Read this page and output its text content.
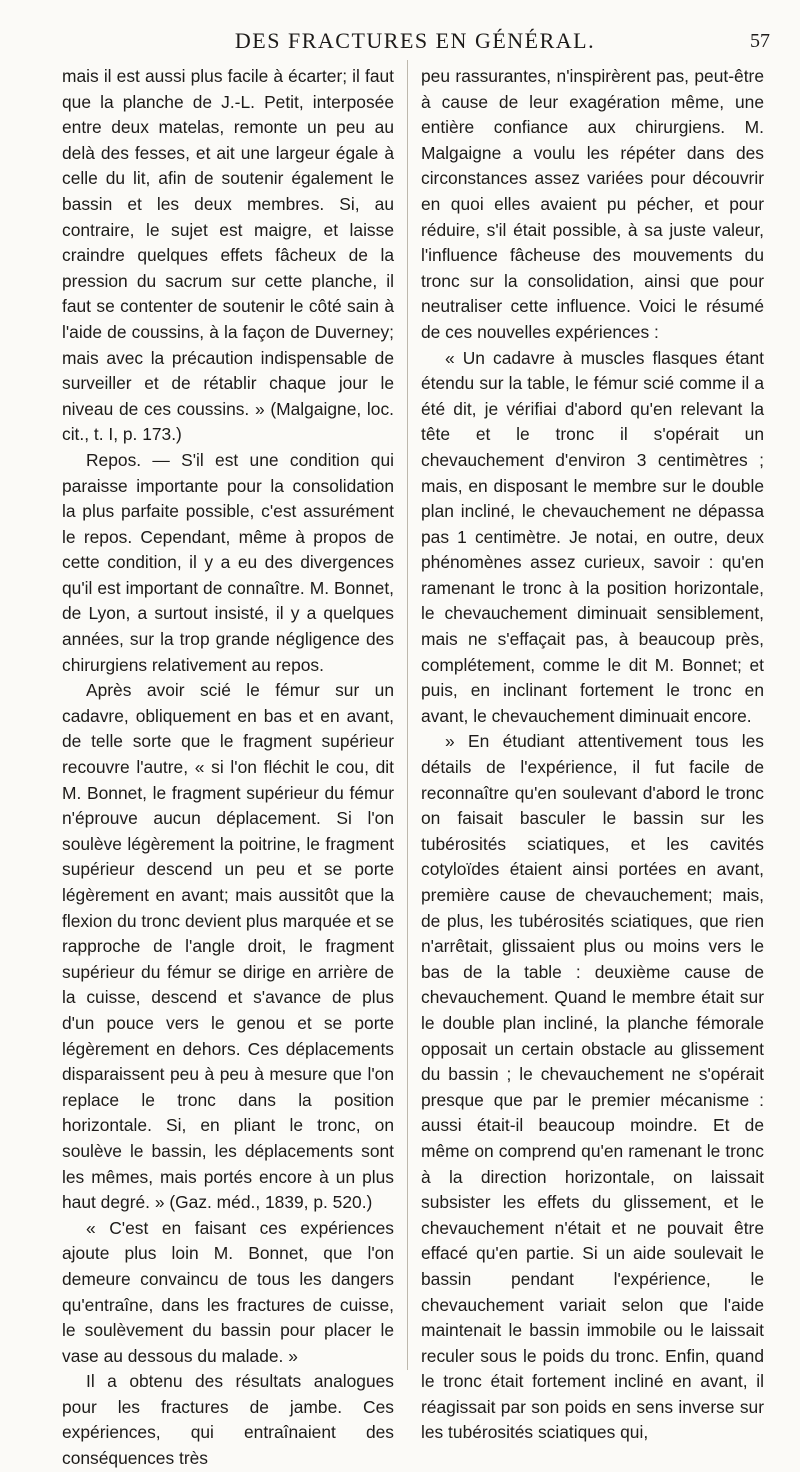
DES FRACTURES EN GÉNÉRAL.	57

mais il est aussi plus facile à écarter; il faut que la planche de J.-L. Petit, interposée entre deux matelas, remonte un peu au delà des fesses, et ait une largeur égale à celle du lit, afin de soutenir également le bassin et les deux membres. Si, au contraire, le sujet est maigre, et laisse craindre quelques effets fâcheux de la pression du sacrum sur cette planche, il faut se contenter de soutenir le côté sain à l'aide de coussins, à la façon de Duverney; mais avec la précaution indispensable de surveiller et de rétablir chaque jour le niveau de ces coussins. » (Malgaigne, loc. cit., t. I, p. 173.)

Repos. — S'il est une condition qui paraisse importante pour la consolidation la plus parfaite possible, c'est assurément le repos. Cependant, même à propos de cette condition, il y a eu des divergences qu'il est important de connaître. M. Bonnet, de Lyon, a surtout insisté, il y a quelques années, sur la trop grande négligence des chirurgiens relativement au repos.

Après avoir scié le fémur sur un cadavre, obliquement en bas et en avant, de telle sorte que le fragment supérieur recouvre l'autre, « si l'on fléchit le cou, dit M. Bonnet, le fragment supérieur du fémur n'éprouve aucun déplacement. Si l'on soulève légèrement la poitrine, le fragment supérieur descend un peu et se porte légèrement en avant; mais aussitôt que la flexion du tronc devient plus marquée et se rapproche de l'angle droit, le fragment supérieur du fémur se dirige en arrière de la cuisse, descend et s'avance de plus d'un pouce vers le genou et se porte légèrement en dehors. Ces déplacements disparaissent peu à peu à mesure que l'on replace le tronc dans la position horizontale. Si, en pliant le tronc, on soulève le bassin, les déplacements sont les mêmes, mais portés encore à un plus haut degré. » (Gaz. méd., 1839, p. 520.)

« C'est en faisant ces expériences ajoute plus loin M. Bonnet, que l'on demeure convaincu de tous les dangers qu'entraîne, dans les fractures de cuisse, le soulèvement du bassin pour placer le vase au dessous du malade. »

Il a obtenu des résultats analogues pour les fractures de jambe. Ces expériences, qui entraînaient des conséquences très

peu rassurantes, n'inspirèrent pas, peut-être à cause de leur exagération même, une entière confiance aux chirurgiens. M. Malgaigne a voulu les répéter dans des circonstances assez variées pour découvrir en quoi elles avaient pu pécher, et pour réduire, s'il était possible, à sa juste valeur, l'influence fâcheuse des mouvements du tronc sur la consolidation, ainsi que pour neutraliser cette influence. Voici le résumé de ces nouvelles expériences :

« Un cadavre à muscles flasques étant étendu sur la table, le fémur scié comme il a été dit, je vérifiai d'abord qu'en relevant la tête et le tronc il s'opérait un chevauchement d'environ 3 centimètres ; mais, en disposant le membre sur le double plan incliné, le chevauchement ne dépassa pas 1 centimètre. Je notai, en outre, deux phénomènes assez curieux, savoir : qu'en ramenant le tronc à la position horizontale, le chevauchement diminuait sensiblement, mais ne s'effaçait pas, à beaucoup près, complétement, comme le dit M. Bonnet; et puis, en inclinant fortement le tronc en avant, le chevauchement diminuait encore.

» En étudiant attentivement tous les détails de l'expérience, il fut facile de reconnaître qu'en soulevant d'abord le tronc on faisait basculer le bassin sur les tubérosités sciatiques, et les cavités cotyloïdes étaient ainsi portées en avant, première cause de chevauchement; mais, de plus, les tubérosités sciatiques, que rien n'arrêtait, glissaient plus ou moins vers le bas de la table : deuxième cause de chevauchement. Quand le membre était sur le double plan incliné, la planche fémorale opposait un certain obstacle au glissement du bassin ; le chevauchement ne s'opérait presque que par le premier mécanisme : aussi était-il beaucoup moindre. Et de même on comprend qu'en ramenant le tronc à la direction horizontale, on laissait subsister les effets du glissement, et le chevauchement n'était et ne pouvait être effacé qu'en partie. Si un aide soulevait le bassin pendant l'expérience, le chevauchement variait selon que l'aide maintenait le bassin immobile ou le laissait reculer sous le poids du tronc. Enfin, quand le tronc était fortement incliné en avant, il réagissait par son poids en sens inverse sur les tubérosités sciatiques qui,
